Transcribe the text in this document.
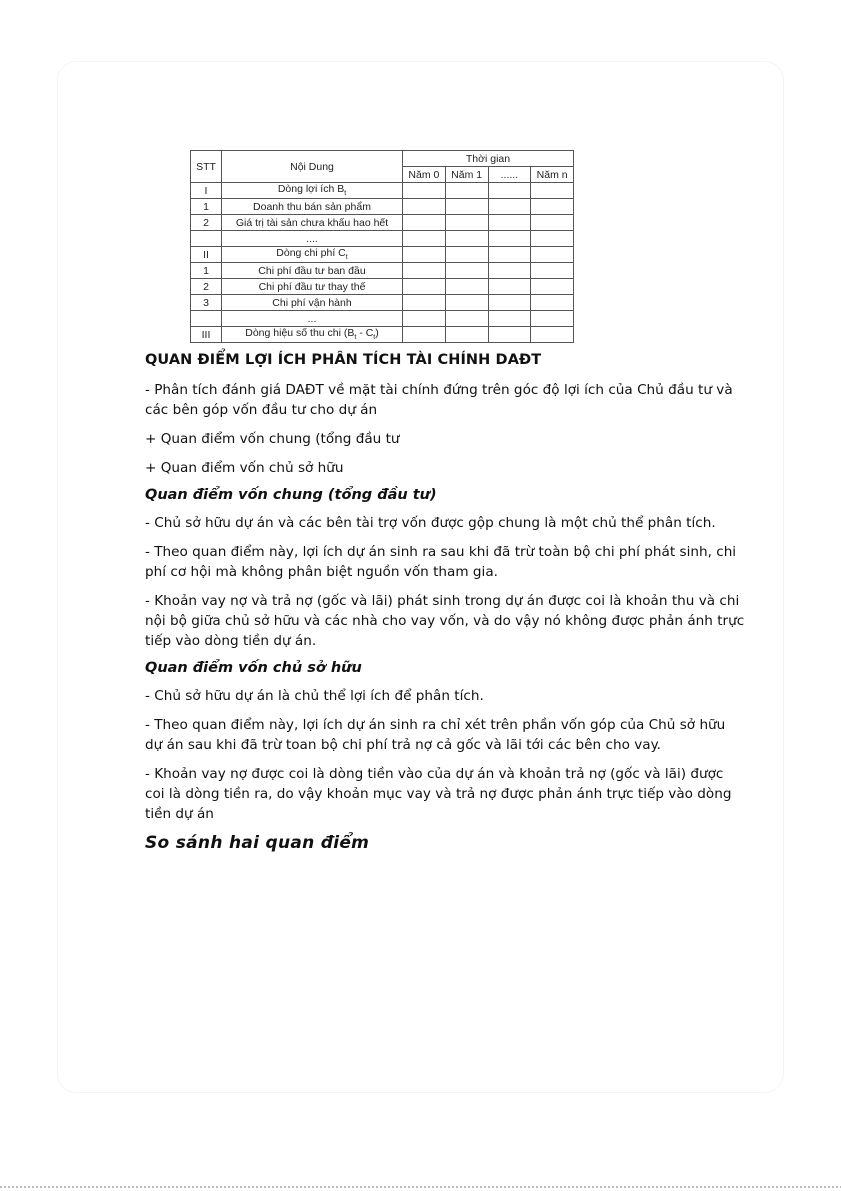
STT	Nội Dung	Thời gian			
		Năm 0	Năm 1	......	Năm n
I	Dòng lợi ích $B_t$				
1	Doanh thu bán sản phẩm				
2	Giá trị tài sản chưa khấu hao hết				
	....				
II	Dòng chi phí $C_t$				
1	Chi phí đầu tư ban đầu				
2	Chi phí đầu tư thay thế				
3	Chi phí vận hành				
	...				
III	Dòng hiệu số thu chi $(B_t - C_t)$				
QUAN ĐIỂM LỢI ÍCH PHÂN TÍCH TÀI CHÍNH DAĐT
- Phân tích đánh giá DAĐT về mặt tài chính đứng trên góc độ lợi ích của Chủ đầu tư và các bên góp vốn đầu tư cho dự án
+ Quan điểm vốn chung (tổng đầu tư
+ Quan điểm vốn chủ sở hữu
Quan điểm vốn chung (tổng đầu tư)
- Chủ sở hữu dự án và các bên tài trợ vốn được gộp chung là một chủ thể phân tích.
- Theo quan điểm này, lợi ích dự án sinh ra sau khi đã trừ toàn bộ chi phí phát sinh, chi phí cơ hội mà không phân biệt nguồn vốn tham gia.
- Khoản vay nợ và trả nợ (gốc và lãi) phát sinh trong dự án được coi là khoản thu và chi nội bộ giữa chủ sở hữu và các nhà cho vay vốn, và do vậy nó không được phản ánh trực tiếp vào dòng tiền dự án.
Quan điểm vốn chủ sở hữu
- Chủ sở hữu dự án là chủ thể lợi ích để phân tích.
- Theo quan điểm này, lợi ích dự án sinh ra chỉ xét trên phần vốn góp của Chủ sở hữu dự án sau khi đã trừ toan bộ chi phí trả nợ cả gốc và lãi tới các bên cho vay.
- Khoản vay nợ được coi là dòng tiền vào của dự án và khoản trả nợ (gốc và lãi) được coi là dòng tiền ra, do vậy khoản mục vay và trả nợ được phản ánh trực tiếp vào dòng tiền dự án
So sánh hai quan điểm
